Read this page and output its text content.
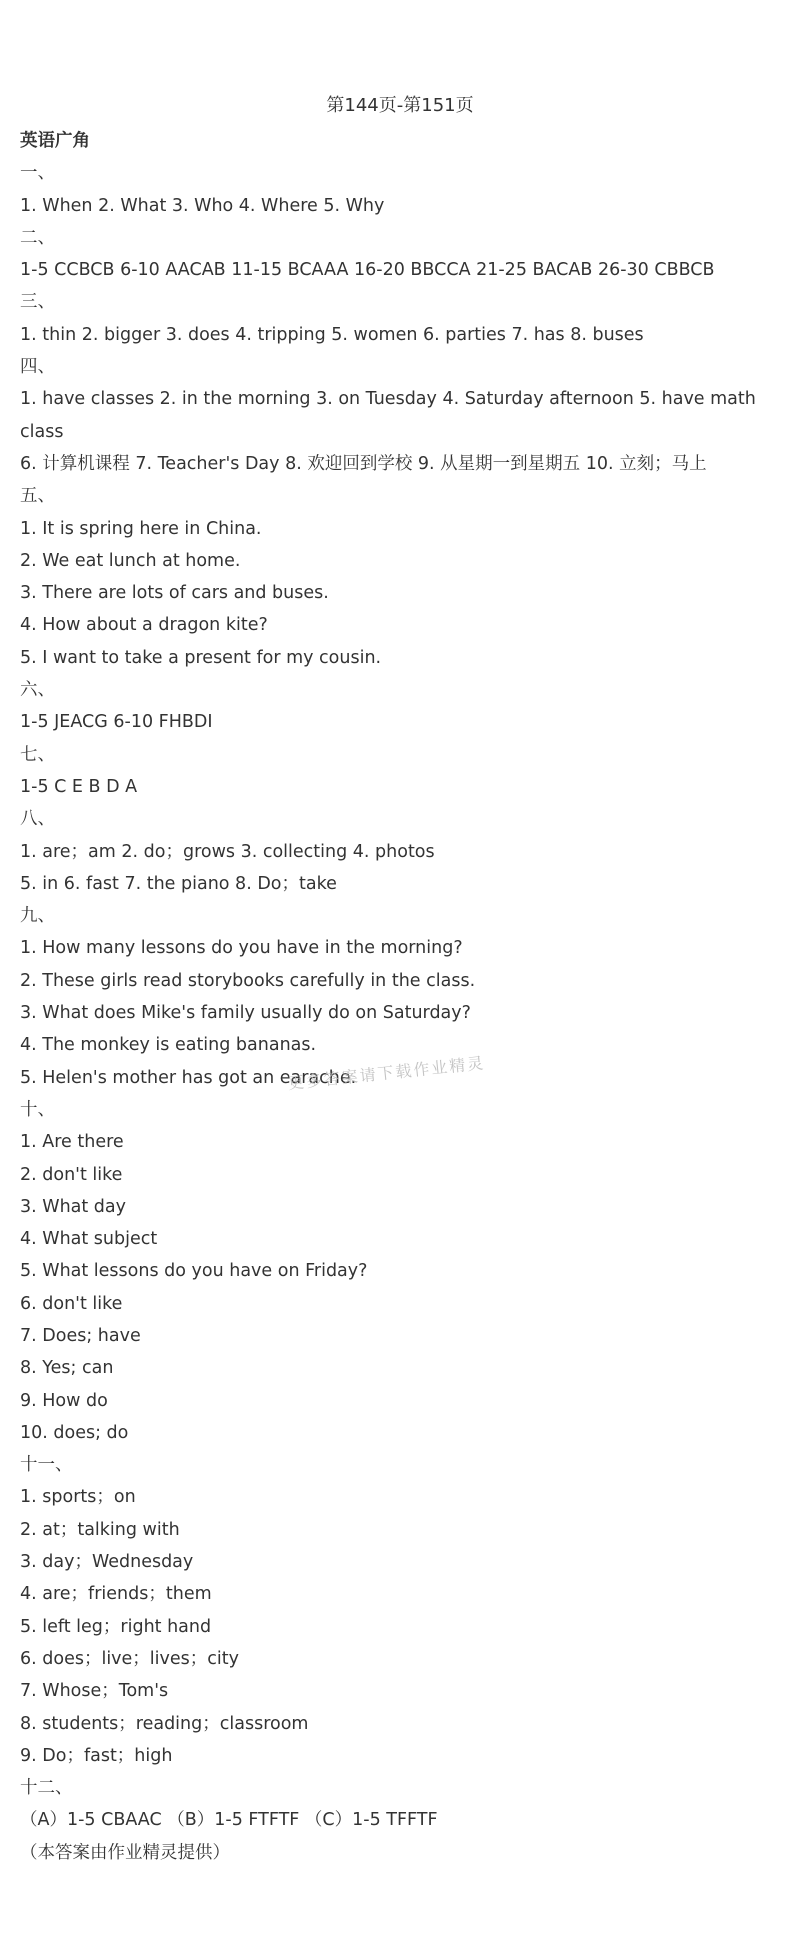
第144页-第151页
英语广角
一、
1. When 2. What 3. Who 4. Where 5. Why
二、
1-5 CCBCB 6-10 AACAB 11-15 BCAAA 16-20 BBCCA 21-25 BACAB 26-30 CBBCB
三、
1. thin 2. bigger 3. does 4. tripping 5. women 6. parties 7. has 8. buses
四、
1. have classes 2. in the morning 3. on Tuesday 4. Saturday afternoon 5. have math class
6. 计算机课程 7. Teacher's Day 8. 欢迎回到学校 9. 从星期一到星期五 10. 立刻；马上
五、
1. It is spring here in China.
2. We eat lunch at home.
3. There are lots of cars and buses.
4. How about a dragon kite?
5. I want to take a present for my cousin.
六、
1-5 JEACG 6-10 FHBDI
七、
1-5 C E B D A
八、
1. are；am 2. do；grows 3. collecting 4. photos
5. in 6. fast 7. the piano 8. Do；take
九、
1. How many lessons do you have in the morning?
2. These girls read storybooks carefully in the class.
3. What does Mike's family usually do on Saturday?
4. The monkey is eating bananas.
5. Helen's mother has got an earache.
十、
1. Are there
2. don't like
3. What day
4. What subject
5. What lessons do you have on Friday?
6. don't like
7. Does; have
8. Yes; can
9. How do
10. does; do
十一、
1. sports；on
2. at；talking with
3. day；Wednesday
4. are；friends；them
5. left leg；right hand
6. does；live；lives；city
7. Whose；Tom's
8. students；reading；classroom
9. Do；fast；high
十二、
（A）1-5 CBAAC （B）1-5 FTFTF （C）1-5 TFFTF
（本答案由作业精灵提供）
更多答案请下载作业精灵
